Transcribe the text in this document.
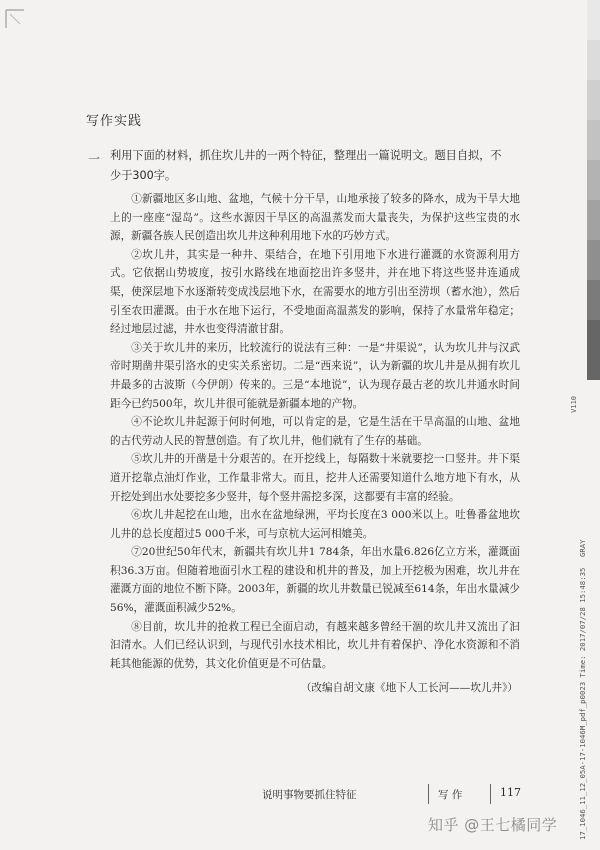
写作实践
一 利用下面的材料，抓住坎儿井的一两个特征，整理出一篇说明文。题目自拟，不少于300字。

①新疆地区多山地、盆地，气候十分干旱，山地承接了较多的降水，成为干旱大地上的一座座“湿岛”。这些水源因干旱区的高温蒸发而大量丧失，为保护这些宝贵的水源，新疆各族人民创造出坎儿井这种利用地下水的巧妙方式。

②坎儿井，其实是一种井、渠结合，在地下引用地下水进行灌溉的水资源利用方式。它依据山势坡度，按引水路线在地面挖出许多竖井，并在地下将这些竖井连通成渠，使深层地下水逐渐转变成浅层地下水，在需要水的地方引出至涝坝（蓄水池），然后引至农田灌溉。由于水在地下运行，不受地面高温蒸发的影响，保持了水量常年稳定；经过地层过滤，井水也变得清澈甘甜。

③关于坎儿井的来历，比较流行的说法有三种：一是“井渠说”，认为坎儿井与汉武帝时期凿井渠引洛水的史实关系密切。二是“西来说”，认为新疆的坎儿井是从拥有坎儿井最多的古波斯（今伊朗）传来的。三是“本地说”，认为现存最古老的坎儿井通水时间距今已约500年，坎儿井很可能就是新疆本地的产物。

④不论坎儿井起源于何时何地，可以肯定的是，它是生活在干旱高温的山地、盆地的古代劳动人民的智慧创造。有了坎儿井，他们就有了生存的基础。

⑤坎儿井的开凿是十分艰苦的。在开挖线上，每隔数十米就要挖一口竖井。井下渠道开挖靠点油灯作业，工作量非常大。而且，挖井人还需要知道什么地方地下有水，从开挖处到出水处要挖多少竖井，每个竖井需挖多深，这都要有丰富的经验。

⑥坎儿井起挖在山地，出水在盆地绿洲，平均长度在3 000米以上。吐鲁番盆地坎儿井的总长度超过5 000千米，可与京杭大运河相媲美。

⑦20世纪50年代末，新疆共有坎儿井1 784条，年出水量6.826亿立方米，灌溉面积36.3万亩。但随着地面引水工程的建设和机井的普及，加上开挖极为困难，坎儿井在灌溉方面的地位不断下降。2003年，新疆的坎儿井数量已锐减至614条，年出水量减少56%，灌溉面积减少52%。

⑧目前，坎儿井的抢救工程已全面启动，有越来越多曾经干涸的坎儿井又流出了汩汩清水。人们已经认识到，与现代引水技术相比，坎儿井有着保护、净化水资源和不消耗其他能源的优势，其文化价值更是不可估量。

（改编自胡文康《地下人工长河——坎儿井》）
说明事物要抓住特征	写 作	117
V110
17_1046_11_12_05A-17-1046M_pdf_p0023 Time: 2017/07/28 15:48:35 GRAY
知乎 @王七橘同学
